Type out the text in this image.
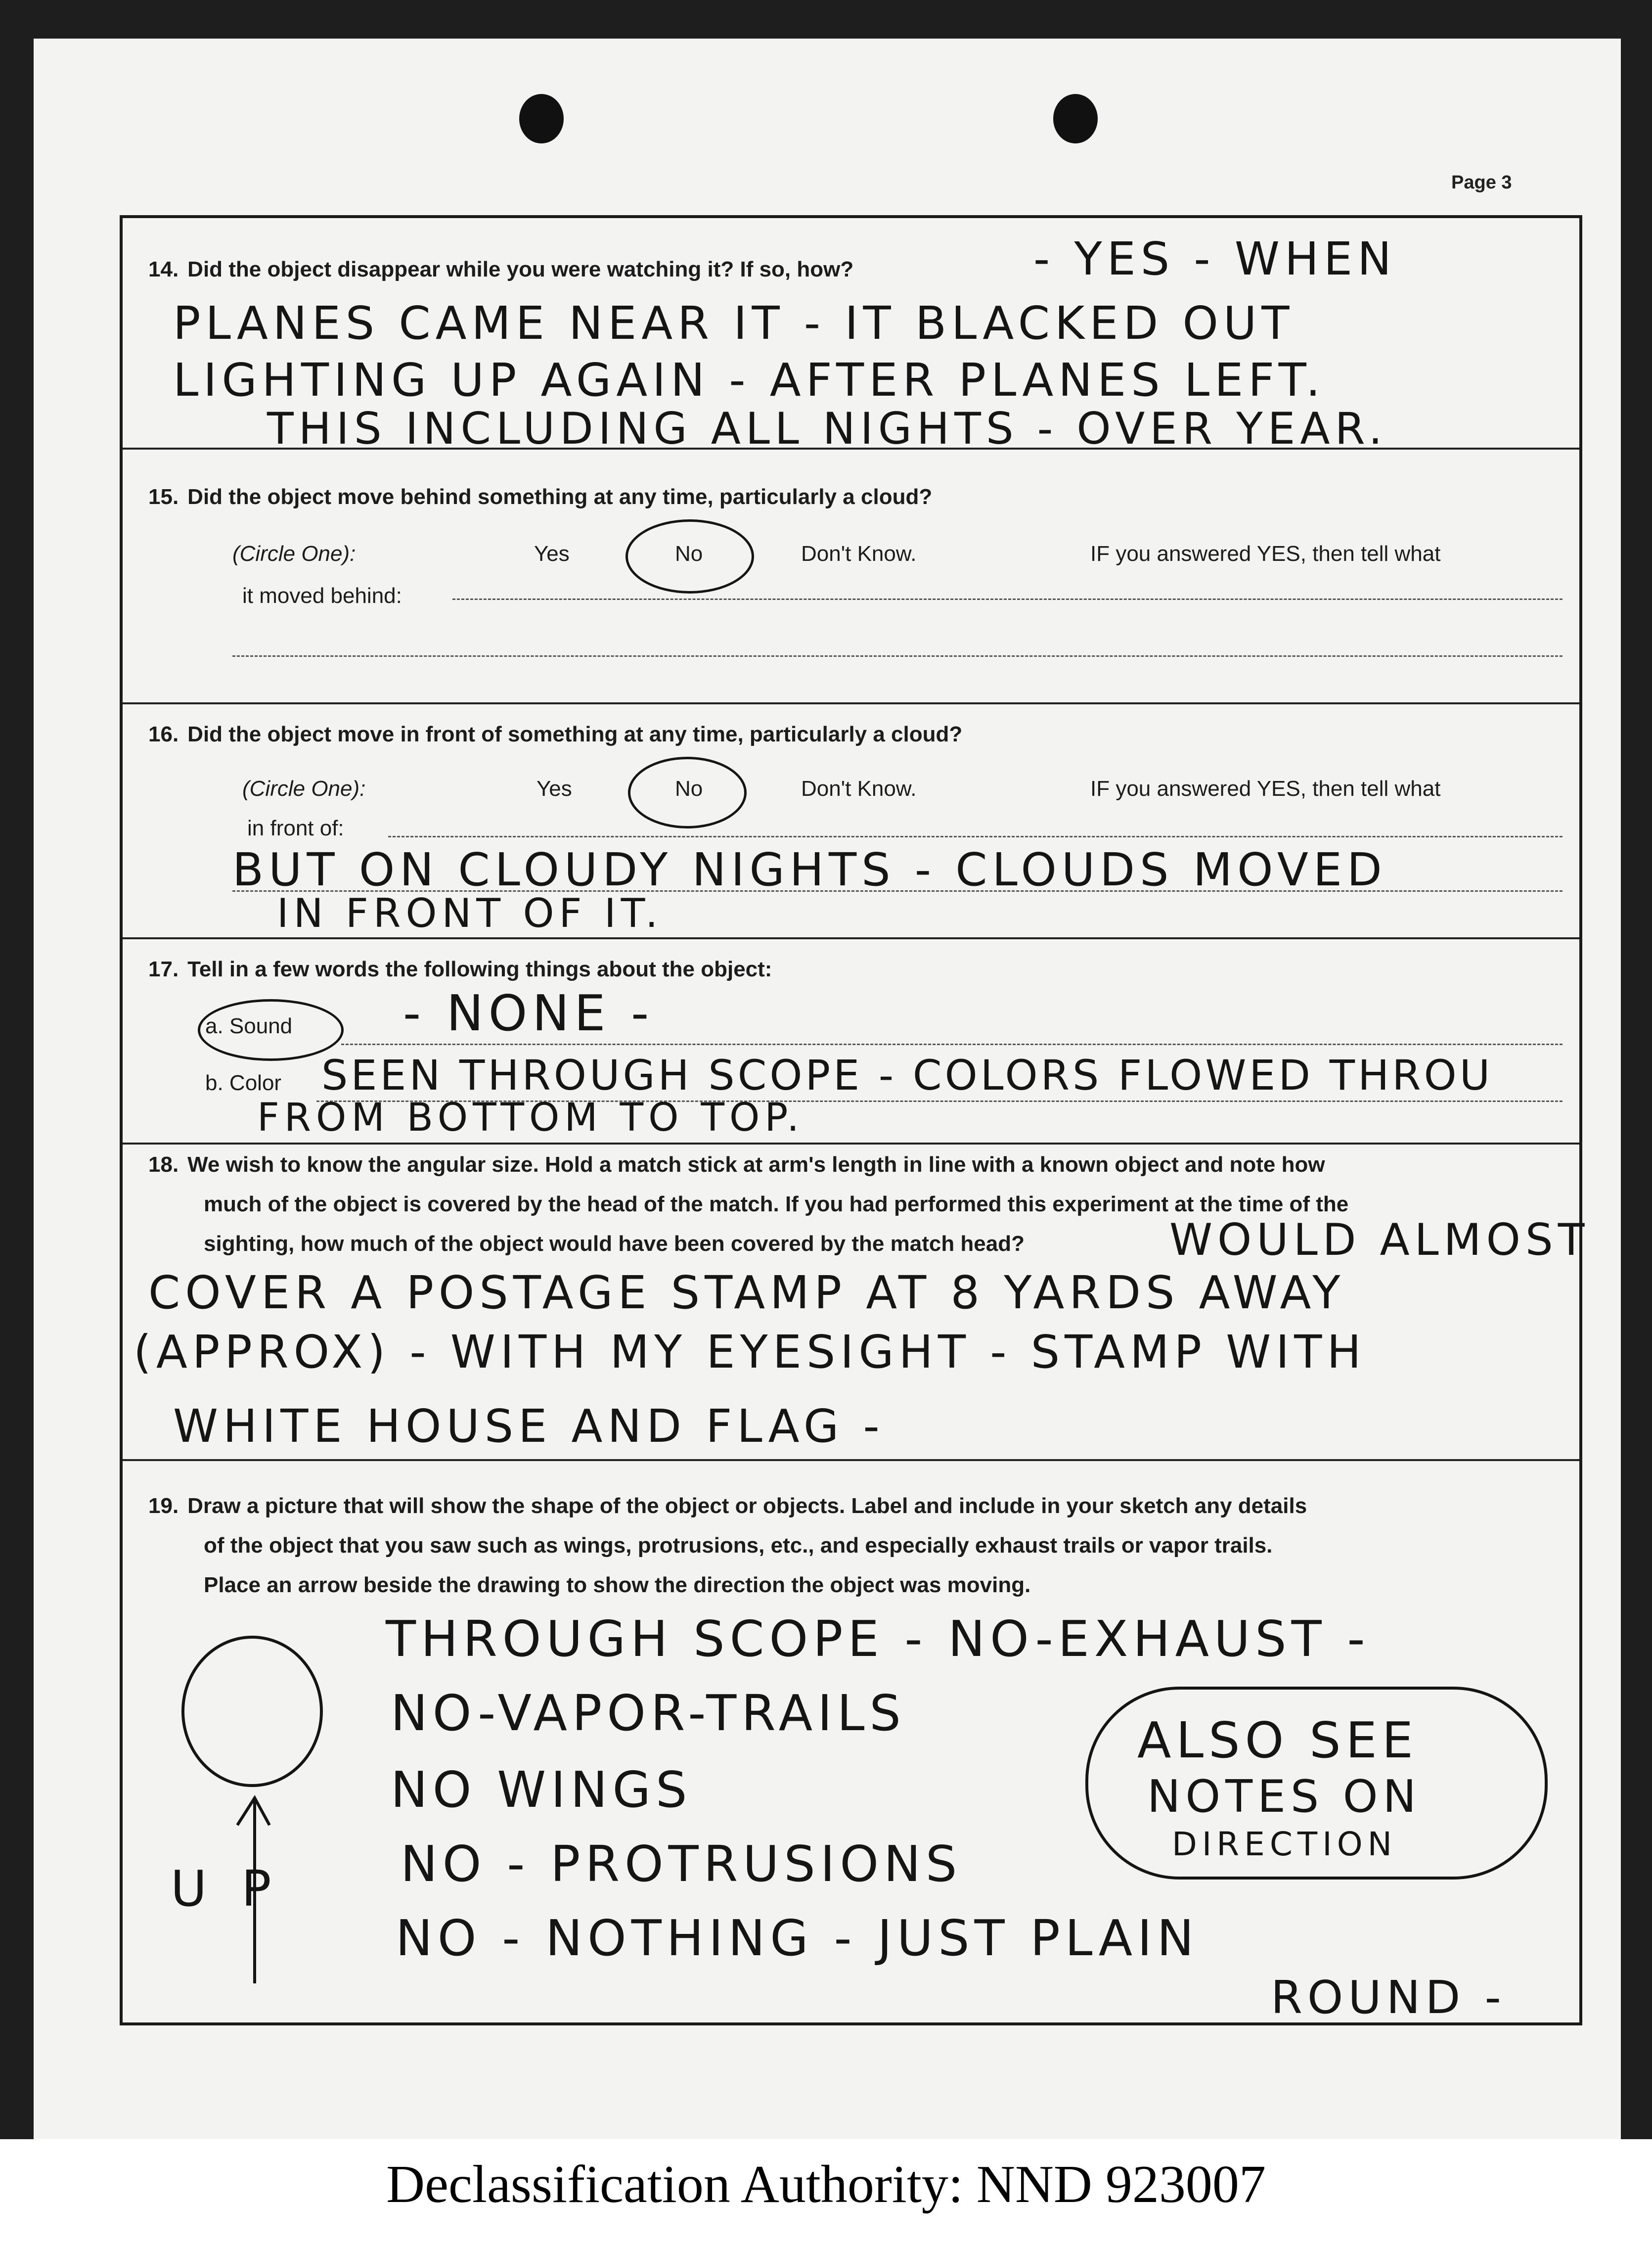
Page 3
14. Did the object disappear while you were watching it? If so, how?	- YES - WHEN
PLANES CAME NEAR IT - IT BLACKED OUT
LIGHTING UP AGAIN - AFTER PLANES LEFT.
THIS INCLUDING ALL NIGHTS - OVER YEAR.
15. Did the object move behind something at any time, particularly a cloud?
(Circle One):	Yes	No	Don't Know.	IF you answered YES, then tell what
it moved behind:
16. Did the object move in front of something at any time, particularly a cloud?
(Circle One):	Yes	No	Don't Know.	IF you answered YES, then tell what
in front of:
BUT ON CLOUDY NIGHTS - CLOUDS MOVED
IN FRONT OF IT.
17. Tell in a few words the following things about the object:
a. Sound - NONE -
b. Color SEEN THROUGH SCOPE - COLORS FLOWED THROU
FROM BOTTOM TO TOP.
18. We wish to know the angular size. Hold a match stick at arm's length in line with a known object and note how
much of the object is covered by the head of the match. If you had performed this experiment at the time of the
sighting, how much of the object would have been covered by the match head?	WOULD ALMOST
COVER A POSTAGE STAMP AT 8 YARDS AWAY
(APPROX) - WITH MY EYESIGHT - STAMP WITH
WHITE HOUSE AND FLAG -
19. Draw a picture that will show the shape of the object or objects. Label and include in your sketch any details
of the object that you saw such as wings, protrusions, etc., and especially exhaust trails or vapor trails.
Place an arrow beside the drawing to show the direction the object was moving.
UP
THROUGH SCOPE - NO-EXHAUST -
NO-VAPOR-TRAILS
NO WINGS
NO - PROTRUSIONS
NO - NOTHING - JUST PLAIN
ROUND -
ALSO SEE
NOTES ON
DIRECTION
Declassification Authority: NND 923007
